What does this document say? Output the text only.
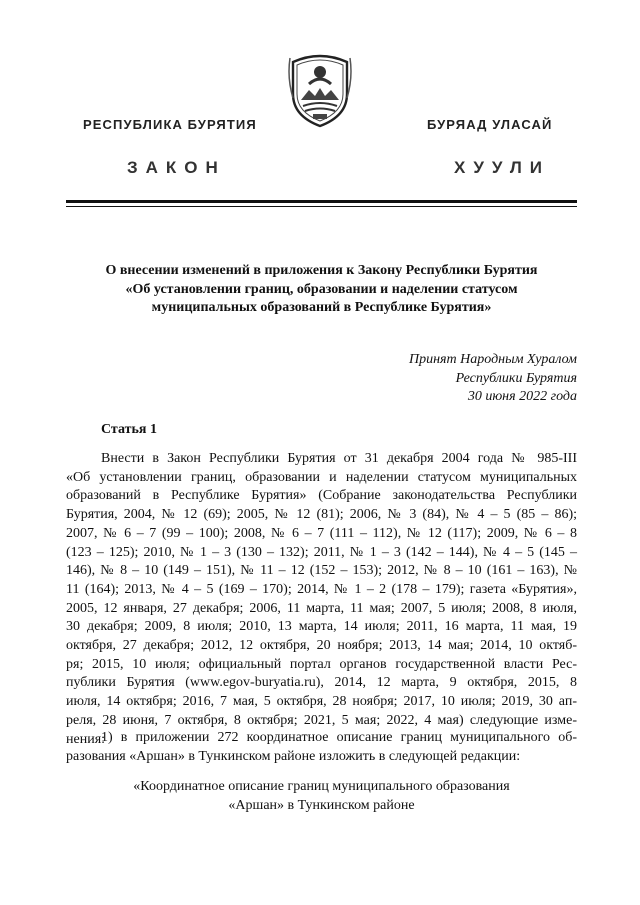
РЕСПУБЛИКА БУРЯТИЯ	БУРЯАД УЛАСАЙ
ЗАКОН	ХУУЛИ
О внесении изменений в приложения к Закону Республики Бурятия
«Об установлении границ, образовании и наделении статусом
муниципальных образований в Республике Бурятия»
Принят Народным Хуралом
Республики Бурятия
30 июня 2022 года
Статья 1
Внести в Закон Республики Бурятия от 31 декабря 2004 года № 985-III
«Об установлении границ, образовании и наделении статусом муниципальных
образований в Республике Бурятия» (Собрание законодательства Республики
Бурятия, 2004, № 12 (69); 2005, № 12 (81); 2006, № 3 (84), № 4 – 5 (85 – 86);
2007, № 6 – 7 (99 – 100); 2008, № 6 – 7 (111 – 112), № 12 (117); 2009, № 6 – 8
(123 – 125); 2010, № 1 – 3 (130 – 132); 2011, № 1 – 3 (142 – 144), № 4 – 5 (145 –
146), № 8 – 10 (149 – 151), № 11 – 12 (152 – 153); 2012, № 8 – 10 (161 – 163), №
11 (164); 2013, № 4 – 5 (169 – 170); 2014, № 1 – 2 (178 – 179); газета «Бурятия»,
2005, 12 января, 27 декабря; 2006, 11 марта, 11 мая; 2007, 5 июля; 2008, 8 июля,
30 декабря; 2009, 8 июля; 2010, 13 марта, 14 июля; 2011, 16 марта, 11 мая, 19
октября, 27 декабря; 2012, 12 октября, 20 ноября; 2013, 14 мая; 2014, 10 октяб-
ря; 2015, 10 июля; официальный портал органов государственной власти Рес-
публики Бурятия (www.egov-buryatia.ru), 2014, 12 марта, 9 октября, 2015, 8
июля, 14 октября; 2016, 7 мая, 5 октября, 28 ноября; 2017, 10 июля; 2019, 30 ап-
реля, 28 июня, 7 октября, 8 октября; 2021, 5 мая; 2022, 4 мая) следующие изме-
нения:
1) в приложении 272 координатное описание границ муниципального об-
разования «Аршан» в Тункинском районе изложить в следующей редакции:
«Координатное описание границ муниципального образования
«Аршан» в Тункинском районе
